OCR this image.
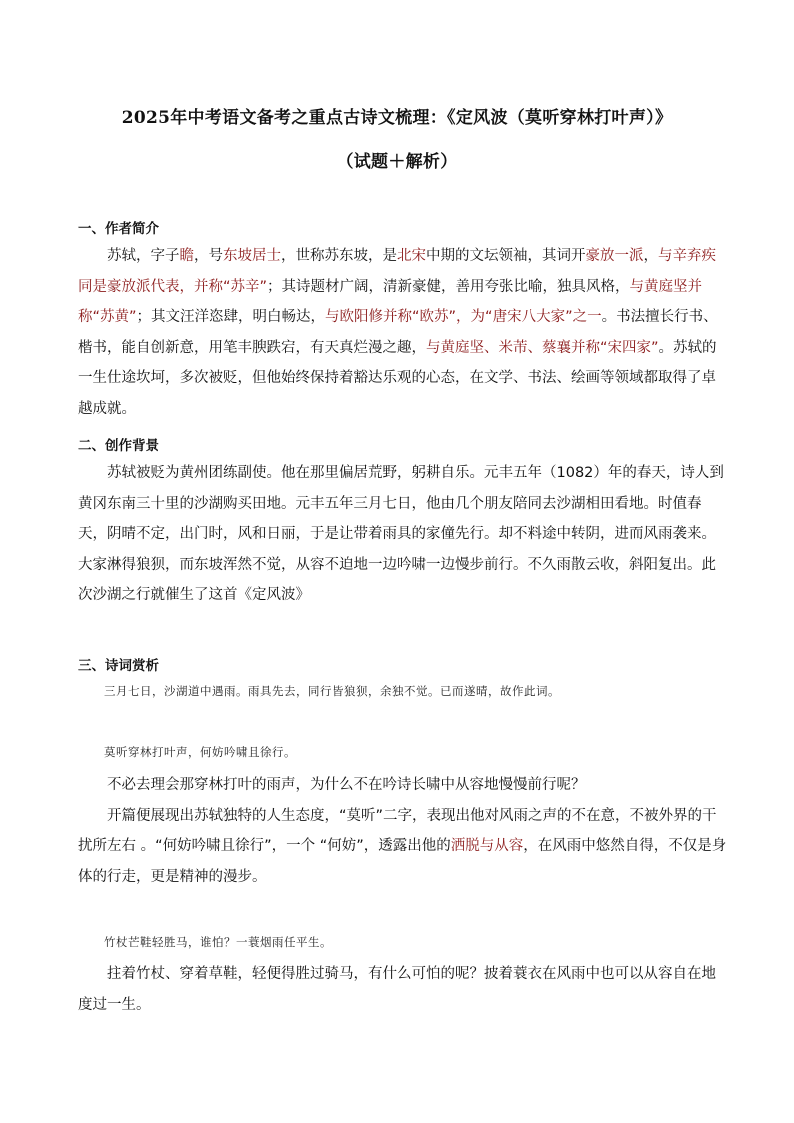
2025年中考语文备考之重点古诗文梳理：《定风波（莫听穿林打叶声）》
（试题＋解析）
一、作者简介

苏轼，字子瞻，号东坡居士，世称苏东坡，是北宋中期的文坛领袖，其词开豪放一派，与辛弃疾同是豪放派代表，并称“苏辛”；其诗题材广阔，清新豪健，善用夸张比喻，独具风格，与黄庭坚并称“苏黄”；其文汪洋恣肆，明白畅达，与欧阳修并称“欧苏”，为“唐宋八大家”之一。书法擅长行书、楷书，能自创新意，用笔丰腴跌宕，有天真烂漫之趣，与黄庭坚、米芾、蔡襄并称“宋四家”。苏轼的一生仕途坎坷，多次被贬，但他始终保持着豁达乐观的心态，在文学、书法、绘画等领域都取得了卓越成就。

二、创作背景

苏轼被贬为黄州团练副使。他在那里偏居荒野，躬耕自乐。元丰五年（1082）年的春天，诗人到黄冈东南三十里的沙湖购买田地。元丰五年三月七日，他由几个朋友陪同去沙湖相田看地。时值春天，阴晴不定，出门时，风和日丽，于是让带着雨具的家僮先行。却不料途中转阴，进而风雨袭来。大家淋得狼狈，而东坡浑然不觉，从容不迫地一边吟啸一边慢步前行。不久雨散云收，斜阳复出。此次沙湖之行就催生了这首《定风波》

三、诗词赏析
三月七日，沙湖道中遇雨。雨具先去，同行皆狼狈，余独不觉。已而遂晴，故作此词。
莫听穿林打叶声，何妨吟啸且徐行。

不必去理会那穿林打叶的雨声，为什么不在吟诗长啸中从容地慢慢前行呢？

开篇便展现出苏轼独特的人生态度，“莫听”二字，表现出他对风雨之声的不在意，不被外界的干扰所左右 。“何妨吟啸且徐行”，一个 “何妨”，透露出他的洒脱与从容，在风雨中悠然自得，不仅是身体的行走，更是精神的漫步。

竹杖芒鞋轻胜马，谁怕？一蓑烟雨任平生。

拄着竹杖、穿着草鞋，轻便得胜过骑马，有什么可怕的呢？披着蓑衣在风雨中也可以从容自在地度过一生。
